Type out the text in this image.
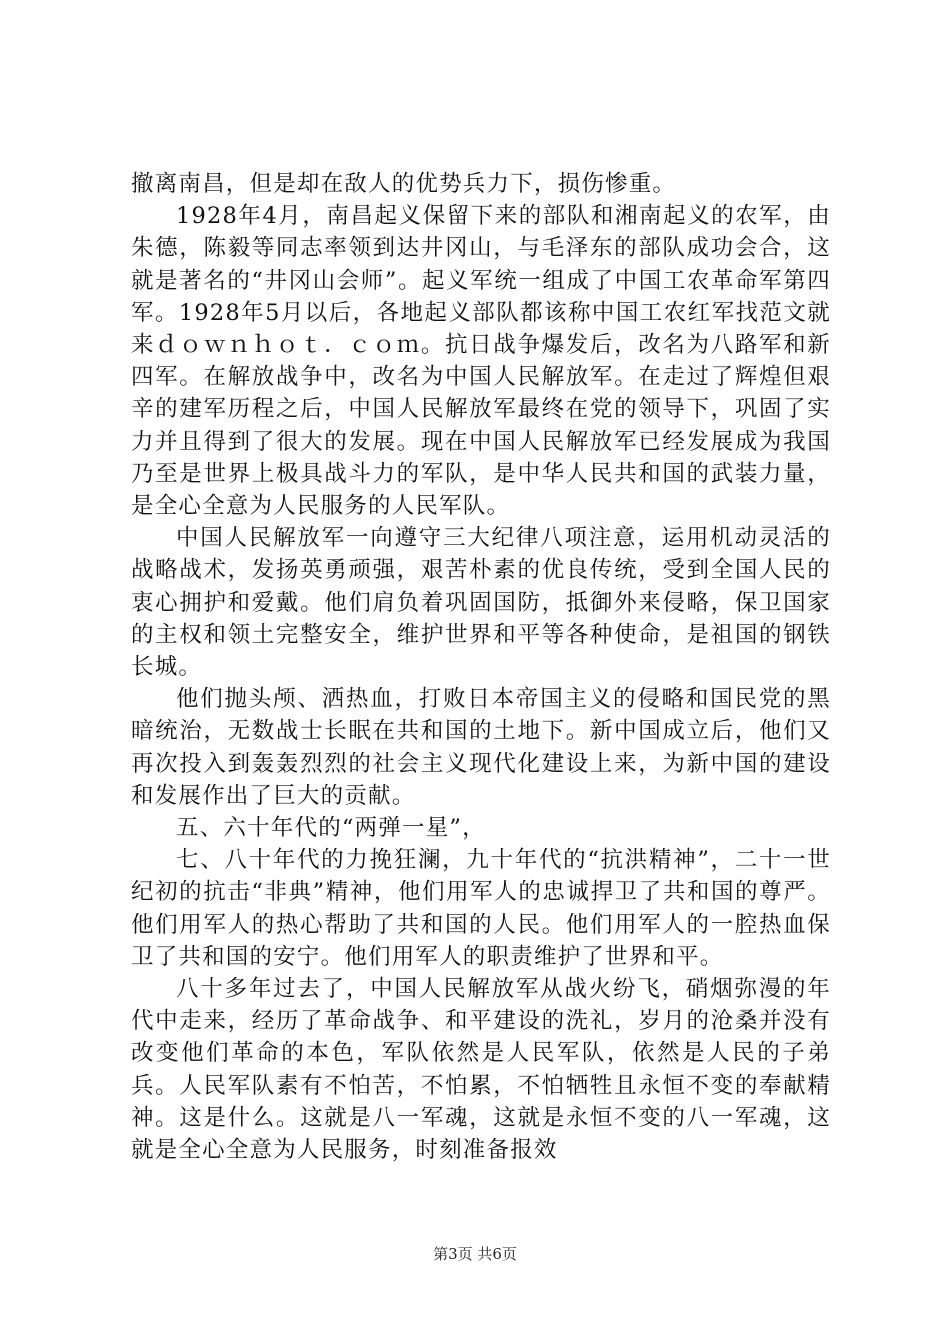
撤离南昌，但是却在敌人的优势兵力下，损伤惨重。

1928年4月，南昌起义保留下来的部队和湘南起义的农军，由朱德，陈毅等同志率领到达井冈山，与毛泽东的部队成功会合，这就是著名的“井冈山会师”。起义军统一组成了中国工农革命军第四军。1928年5月以后，各地起义部队都该称中国工农红军找范文就来ｄｏｗｎｈｏｔ．ｃｏｍ。抗日战争爆发后，改名为八路军和新四军。在解放战争中，改名为中国人民解放军。在走过了辉煌但艰辛的建军历程之后，中国人民解放军最终在党的领导下，巩固了实力并且得到了很大的发展。现在中国人民解放军已经发展成为我国乃至是世界上极具战斗力的军队，是中华人民共和国的武装力量，是全心全意为人民服务的人民军队。

中国人民解放军一向遵守三大纪律八项注意，运用机动灵活的战略战术，发扬英勇顽强，艰苦朴素的优良传统，受到全国人民的衷心拥护和爱戴。他们肩负着巩固国防，抵御外来侵略，保卫国家的主权和领土完整安全，维护世界和平等各种使命，是祖国的钢铁长城。

他们抛头颅、洒热血，打败日本帝国主义的侵略和国民党的黑暗统治，无数战士长眠在共和国的土地下。新中国成立后，他们又再次投入到轰轰烈烈的社会主义现代化建设上来，为新中国的建设和发展作出了巨大的贡献。

五、六十年代的“两弹一星”，

七、八十年代的力挽狂澜，九十年代的“抗洪精神”，二十一世纪初的抗击“非典”精神，他们用军人的忠诚捍卫了共和国的尊严。他们用军人的热心帮助了共和国的人民。他们用军人的一腔热血保卫了共和国的安宁。他们用军人的职责维护了世界和平。

八十多年过去了，中国人民解放军从战火纷飞，硝烟弥漫的年代中走来，经历了革命战争、和平建设的洗礼，岁月的沧桑并没有改变他们革命的本色，军队依然是人民军队，依然是人民的子弟兵。人民军队素有不怕苦，不怕累，不怕牺牲且永恒不变的奉献精神。这是什么。这就是八一军魂，这就是永恒不变的八一军魂，这就是全心全意为人民服务，时刻准备报效

第3页 共6页
